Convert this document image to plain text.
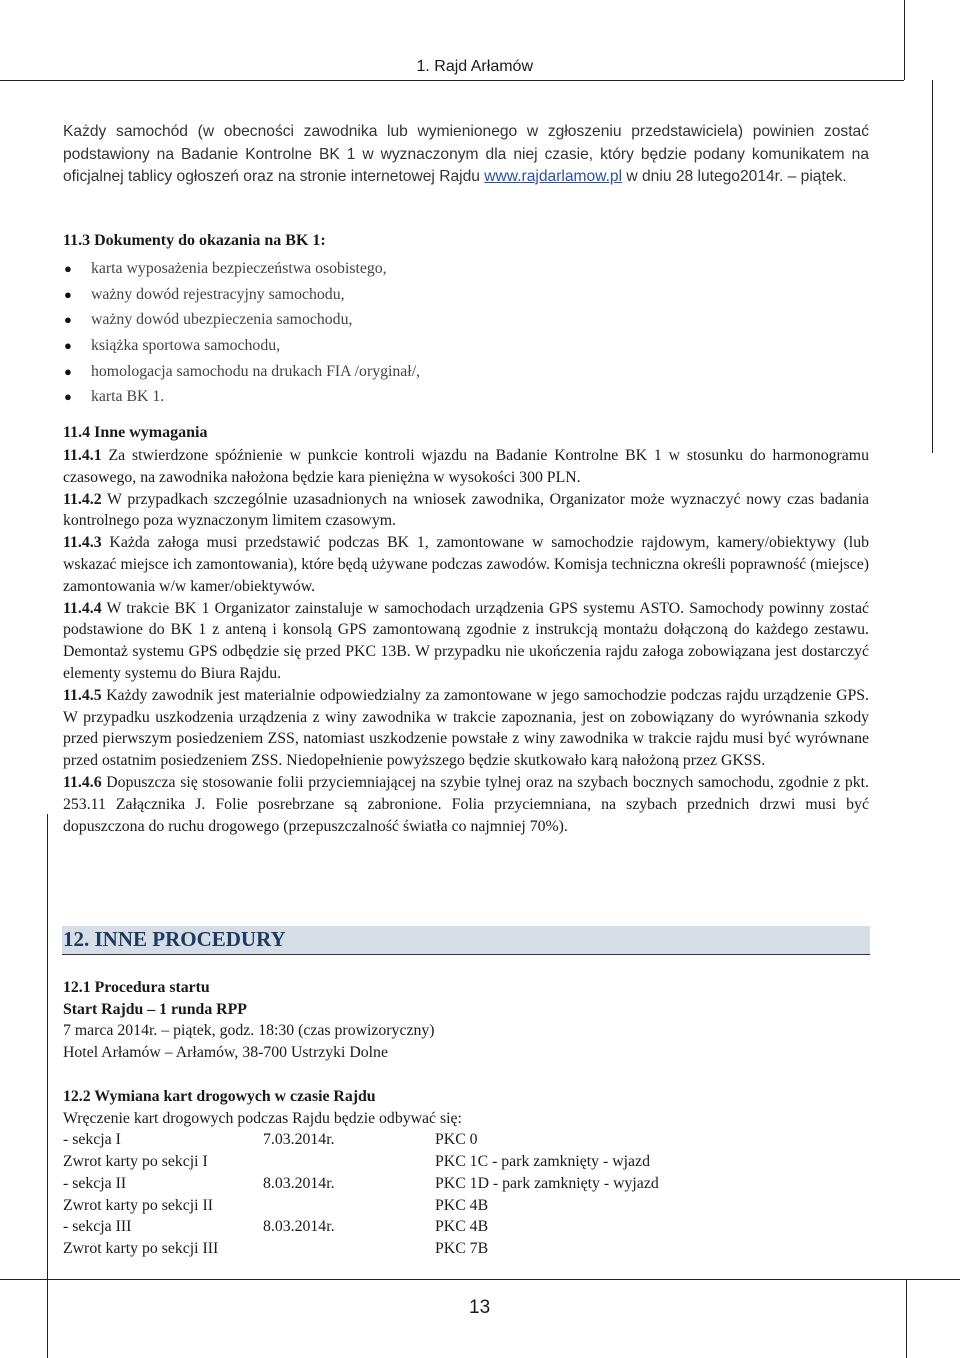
1. Rajd Arłamów

Każdy samochód (w obecności zawodnika lub wymienionego w zgłoszeniu przedstawiciela) powinien zostać podstawiony na Badanie Kontrolne BK 1 w wyznaczonym dla niej czasie, który będzie podany komunikatem na oficjalnej tablicy ogłoszeń oraz na stronie internetowej Rajdu www.rajdarlamow.pl w dniu 28 lutego2014r. – piątek.

11.3 Dokumenty do okazania na BK 1:
● karta wyposażenia bezpieczeństwa osobistego,
● ważny dowód rejestracyjny samochodu,
● ważny dowód ubezpieczenia samochodu,
● książka sportowa samochodu,
● homologacja samochodu na drukach FIA /oryginał/,
● karta BK 1.
11.4 Inne wymagania

11.4.1 Za stwierdzone spóźnienie w punkcie kontroli wjazdu na Badanie Kontrolne BK 1 w stosunku do harmonogramu czasowego, na zawodnika nałożona będzie kara pieniężna w wysokości 300 PLN.

11.4.2 W przypadkach szczególnie uzasadnionych na wniosek zawodnika, Organizator może wyznaczyć nowy czas badania kontrolnego poza wyznaczonym limitem czasowym.

11.4.3 Każda załoga musi przedstawić podczas BK 1, zamontowane w samochodzie rajdowym, kamery/obiektywy (lub wskazać miejsce ich zamontowania), które będą używane podczas zawodów. Komisja techniczna określi poprawność (miejsce) zamontowania w/w kamer/obiektywów.

11.4.4 W trakcie BK 1 Organizator zainstaluje w samochodach urządzenia GPS systemu ASTO. Samochody powinny zostać podstawione do BK 1 z anteną i konsolą GPS zamontowaną zgodnie z instrukcją montażu dołączoną do każdego zestawu. Demontaż systemu GPS odbędzie się przed PKC 13B. W przypadku nie ukończenia rajdu załoga zobowiązana jest dostarczyć elementy systemu do Biura Rajdu.

11.4.5 Każdy zawodnik jest materialnie odpowiedzialny za zamontowane w jego samochodzie podczas rajdu urządzenie GPS. W przypadku uszkodzenia urządzenia z winy zawodnika w trakcie zapoznania, jest on zobowiązany do wyrównania szkody przed pierwszym posiedzeniem ZSS, natomiast uszkodzenie powstałe z winy zawodnika w trakcie rajdu musi być wyrównane przed ostatnim posiedzeniem ZSS. Niedopełnienie powyższego będzie skutkowało karą nałożoną przez GKSS.

11.4.6 Dopuszcza się stosowanie folii przyciemniającej na szybie tylnej oraz na szybach bocznych samochodu, zgodnie z pkt. 253.11 Załącznika J. Folie posrebrzane są zabronione. Folia przyciemniana, na szybach przednich drzwi musi być dopuszczona do ruchu drogowego (przepuszczalność światła co najmniej 70%).

12. INNE PROCEDURY
12.1 Procedura startu
Start Rajdu – 1 runda RPP
7 marca 2014r. – piątek, godz. 18:30 (czas prowizoryczny)
Hotel Arłamów – Arłamów, 38-700 Ustrzyki Dolne
12.2 Wymiana kart drogowych w czasie Rajdu
Wręczenie kart drogowych podczas Rajdu będzie odbywać się:
- sekcja I	7.03.2014r.	PKC 0
Zwrot karty po sekcji I		PKC 1C - park zamknięty - wjazd
- sekcja II	8.03.2014r.	PKC 1D - park zamknięty - wyjazd
Zwrot karty po sekcji II		PKC 4B
- sekcja III	8.03.2014r.	PKC 4B
Zwrot karty po sekcji III		PKC 7B
13
